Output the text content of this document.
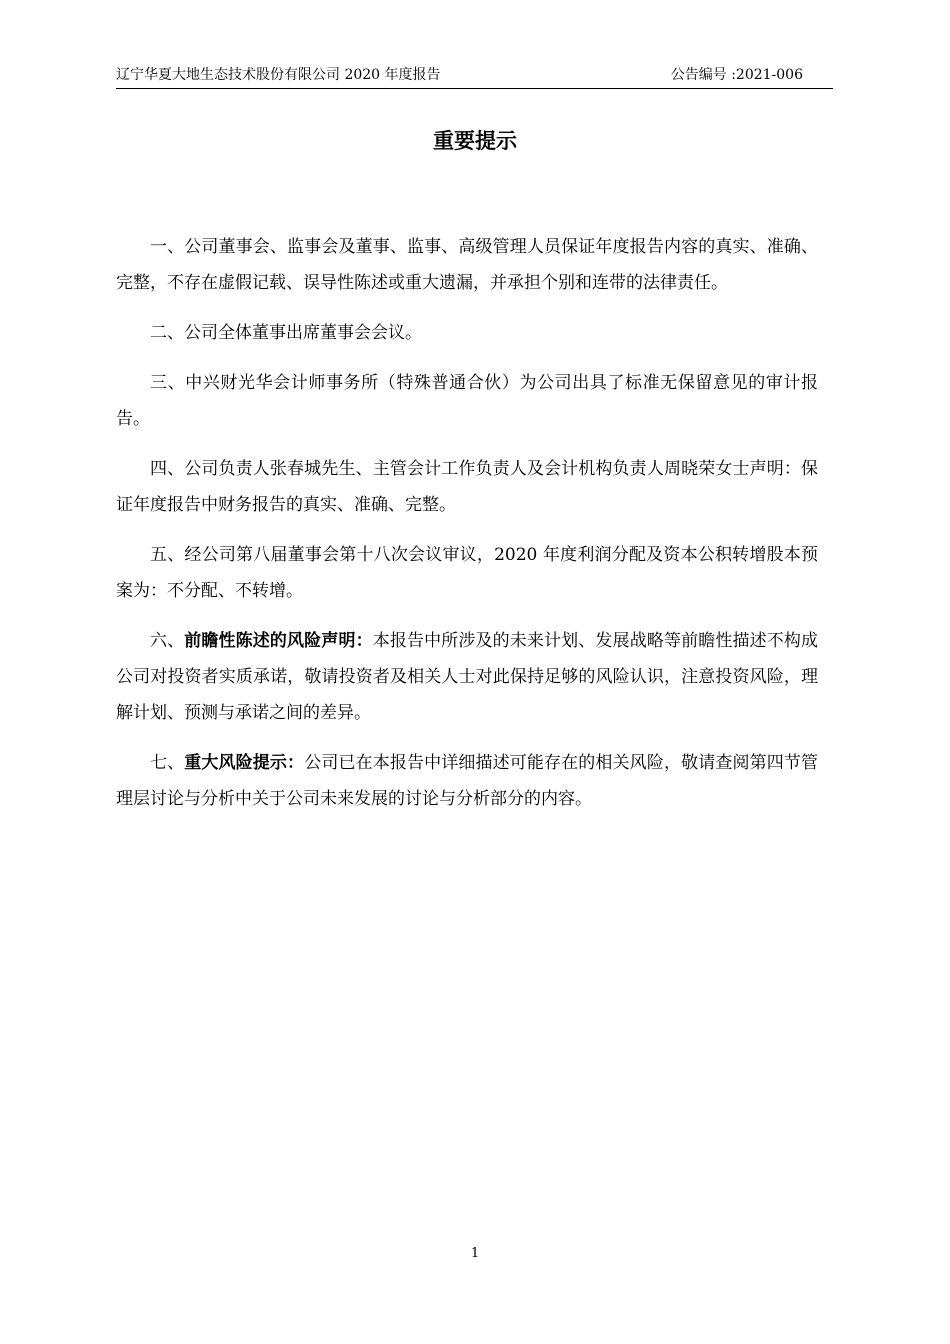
辽宁华夏大地生态技术股份有限公司 2020 年度报告	公告编号 :2021-006
重要提示

一、公司董事会、监事会及董事、监事、高级管理人员保证年度报告内容的真实、准确、完整，不存在虚假记载、误导性陈述或重大遗漏，并承担个别和连带的法律责任。

二、公司全体董事出席董事会会议。

三、中兴财光华会计师事务所（特殊普通合伙）为公司出具了标准无保留意见的审计报告。

四、公司负责人张春城先生、主管会计工作负责人及会计机构负责人周晓荣女士声明：保证年度报告中财务报告的真实、准确、完整。

五、经公司第八届董事会第十八次会议审议，2020 年度利润分配及资本公积转增股本预案为：不分配、不转增。

六、前瞻性陈述的风险声明：本报告中所涉及的未来计划、发展战略等前瞻性描述不构成公司对投资者实质承诺，敬请投资者及相关人士对此保持足够的风险认识，注意投资风险，理解计划、预测与承诺之间的差异。

七、重大风险提示：公司已在本报告中详细描述可能存在的相关风险，敬请查阅第四节管理层讨论与分析中关于公司未来发展的讨论与分析部分的内容。

1
